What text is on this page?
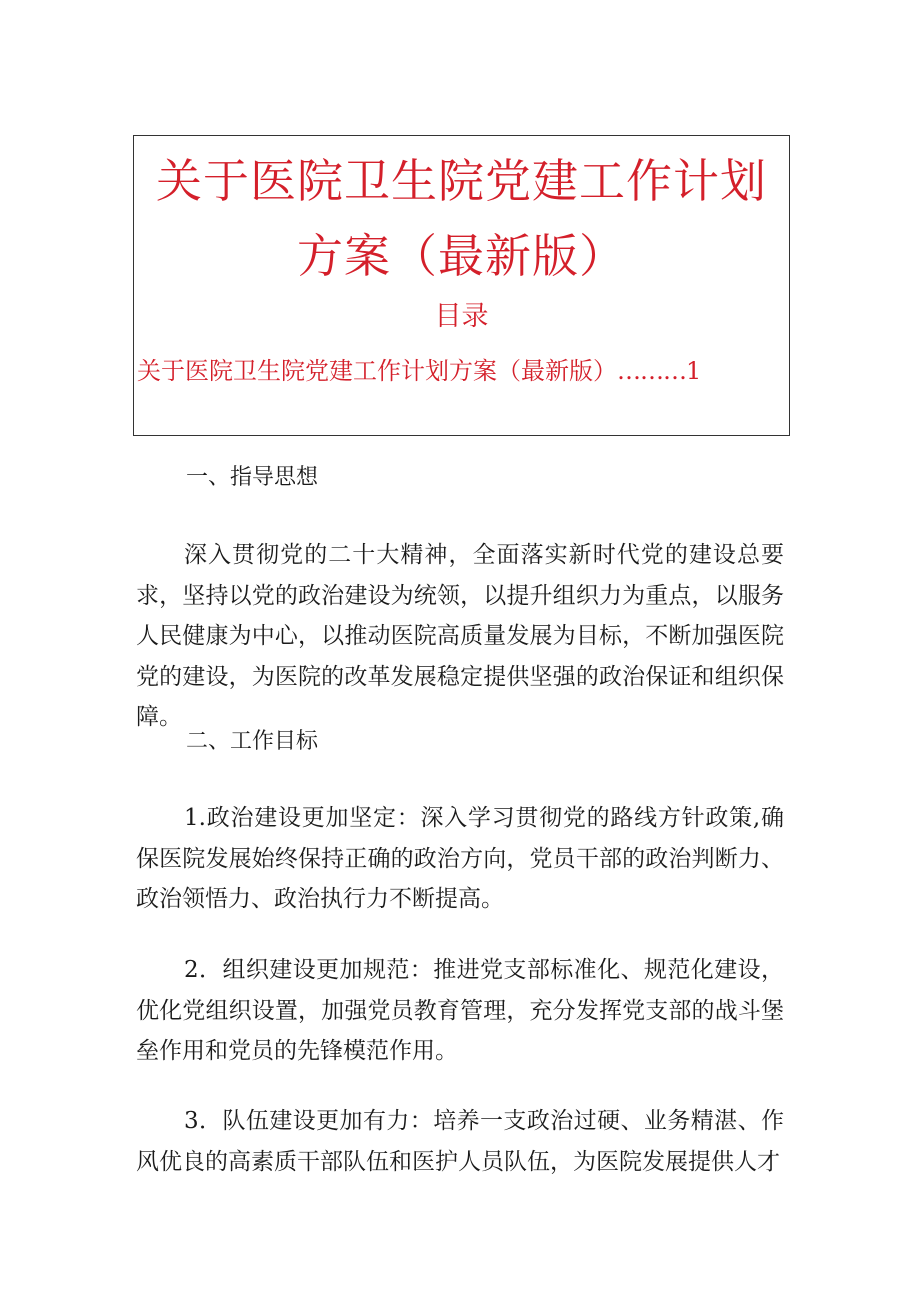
关于医院卫生院党建工作计划
方案（最新版）
目录
关于医院卫生院党建工作计划方案（最新版） ……… 1
一、指导思想

深入贯彻党的二十大精神，全面落实新时代党的建设总要求，坚持以党的政治建设为统领，以提升组织力为重点，以服务人民健康为中心，以推动医院高质量发展为目标，不断加强医院党的建设，为医院的改革发展稳定提供坚强的政治保证和组织保障。

二、工作目标

1.政治建设更加坚定：深入学习贯彻党的路线方针政策,确保医院发展始终保持正确的政治方向，党员干部的政治判断力、政治领悟力、政治执行力不断提高。

2．组织建设更加规范：推进党支部标准化、规范化建设，优化党组织设置，加强党员教育管理，充分发挥党支部的战斗堡垒作用和党员的先锋模范作用。

3．队伍建设更加有力：培养一支政治过硬、业务精湛、作风优良的高素质干部队伍和医护人员队伍，为医院发展提供人才
